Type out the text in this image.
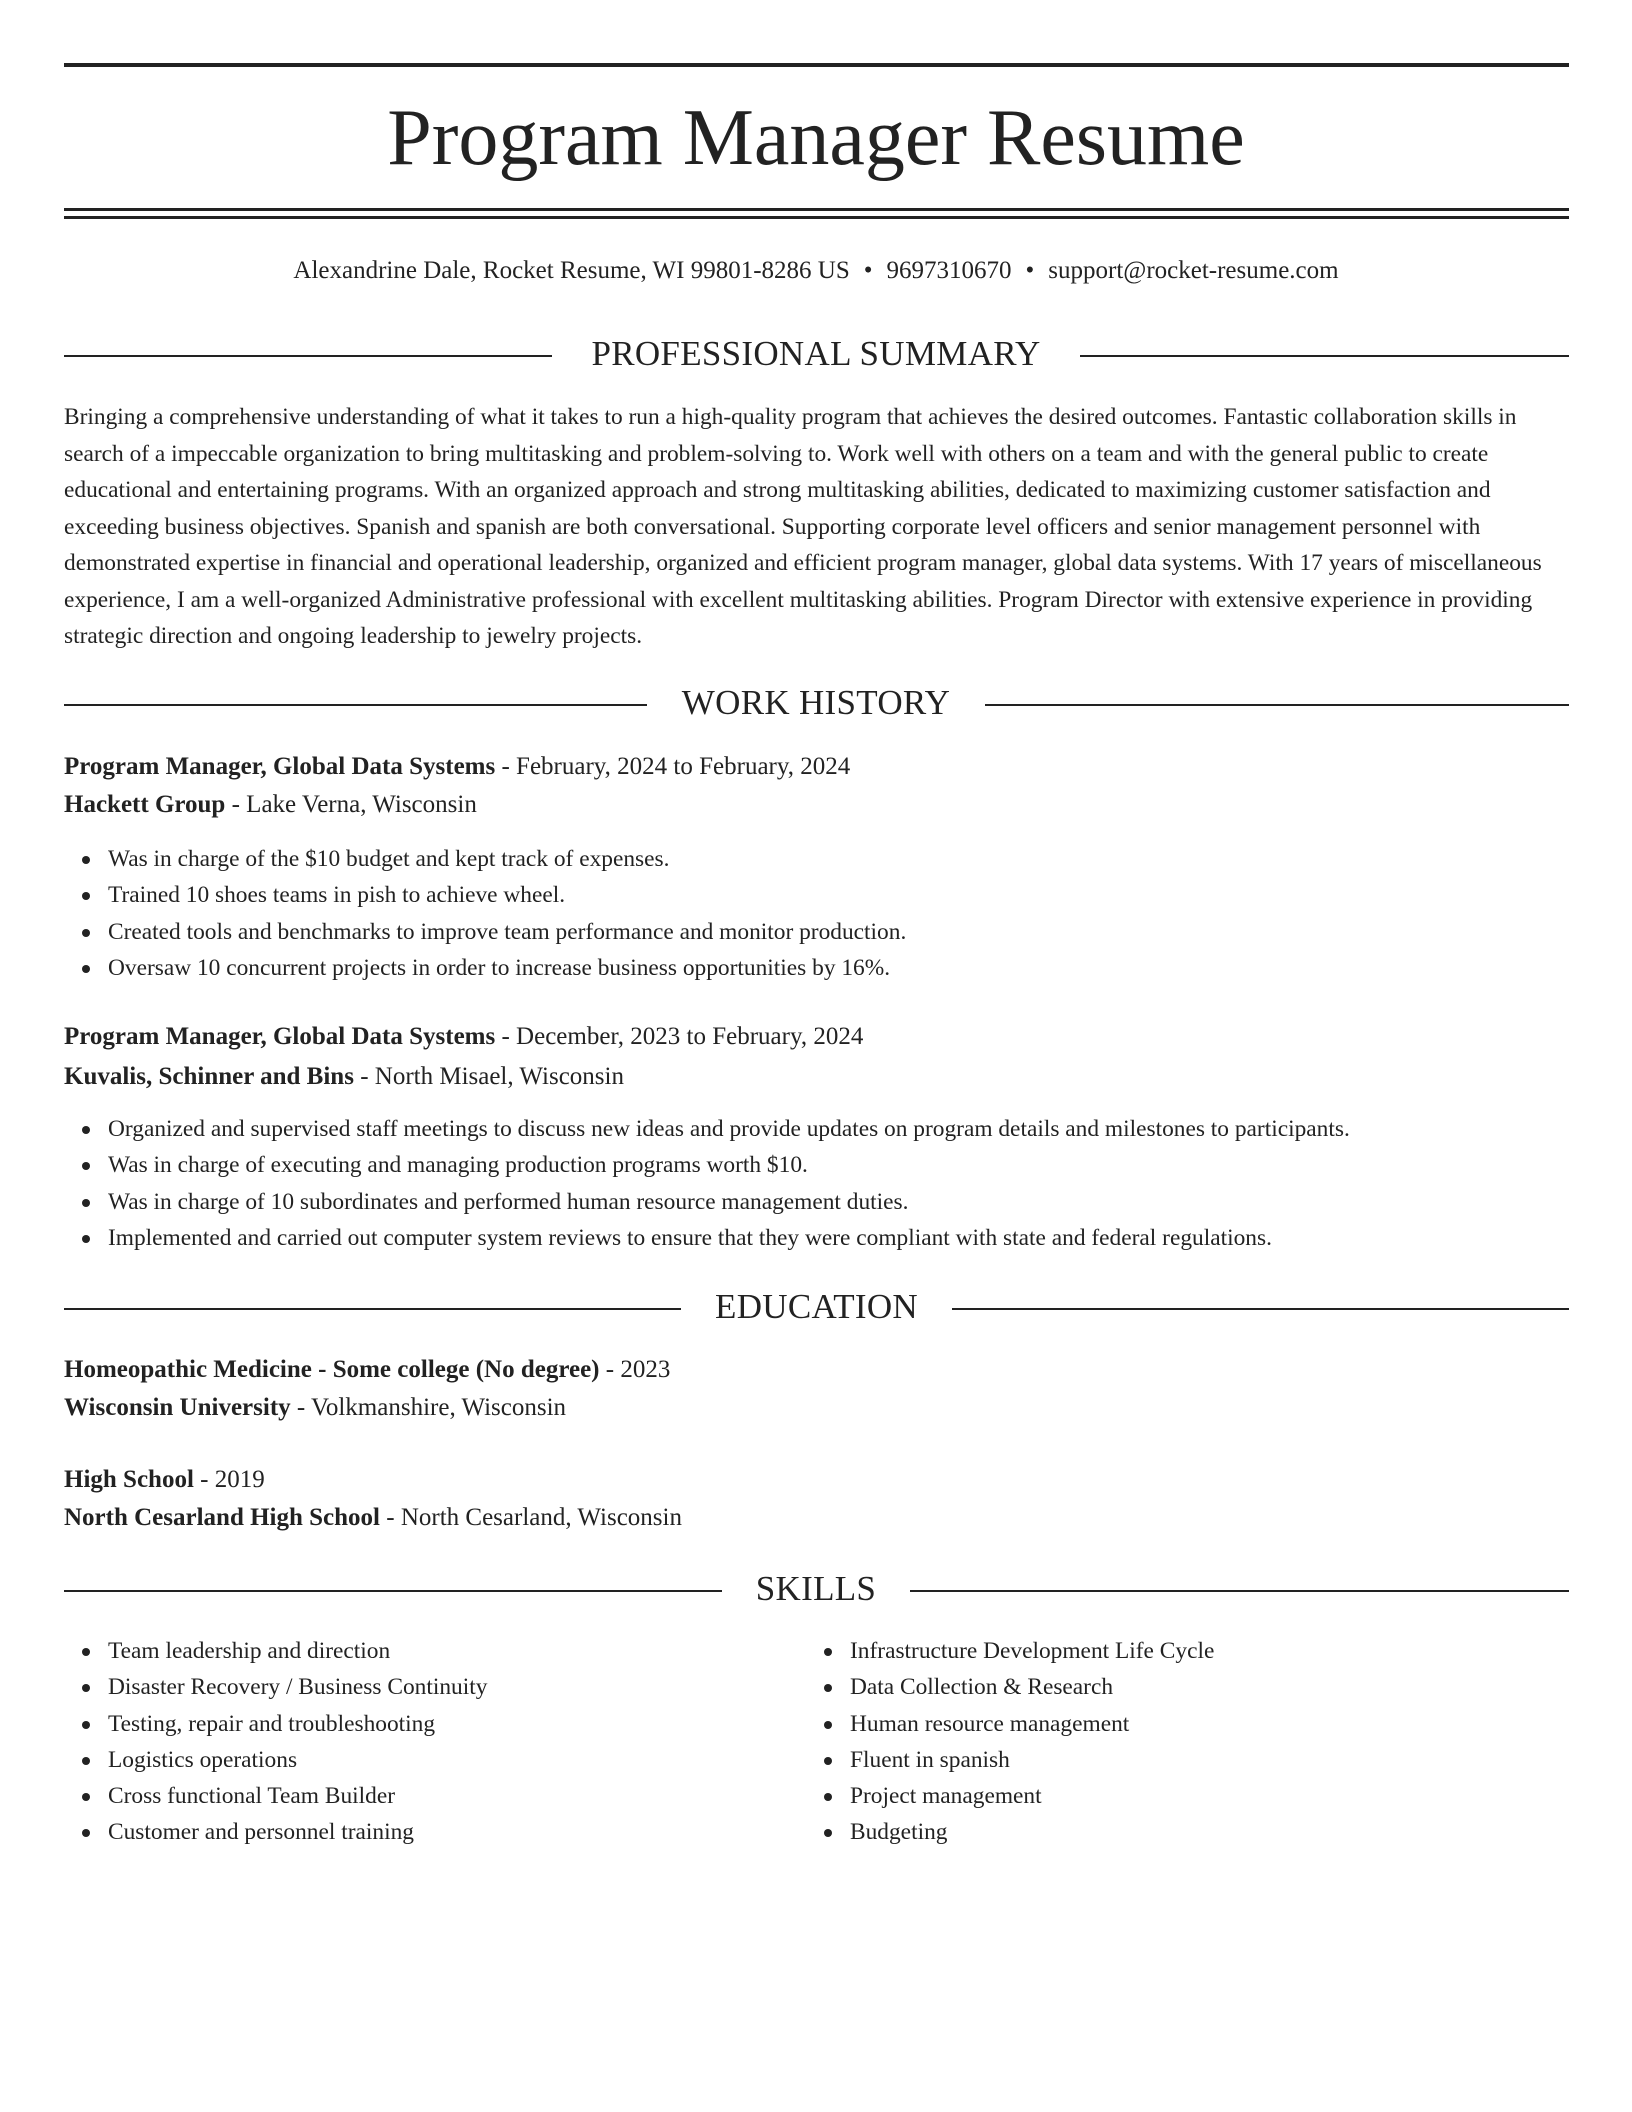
Program Manager Resume
Alexandrine Dale, Rocket Resume, WI 99801-8286 US • 9697310670 • support@rocket-resume.com
PROFESSIONAL SUMMARY
Bringing a comprehensive understanding of what it takes to run a high-quality program that achieves the desired outcomes. Fantastic collaboration skills in search of a impeccable organization to bring multitasking and problem-solving to. Work well with others on a team and with the general public to create educational and entertaining programs. With an organized approach and strong multitasking abilities, dedicated to maximizing customer satisfaction and exceeding business objectives. Spanish and spanish are both conversational. Supporting corporate level officers and senior management personnel with demonstrated expertise in financial and operational leadership, organized and efficient program manager, global data systems. With 17 years of miscellaneous experience, I am a well-organized Administrative professional with excellent multitasking abilities. Program Director with extensive experience in providing strategic direction and ongoing leadership to jewelry projects.
WORK HISTORY
Program Manager, Global Data Systems - February, 2024 to February, 2024
Hackett Group - Lake Verna, Wisconsin
Was in charge of the $10 budget and kept track of expenses.
Trained 10 shoes teams in pish to achieve wheel.
Created tools and benchmarks to improve team performance and monitor production.
Oversaw 10 concurrent projects in order to increase business opportunities by 16%.
Program Manager, Global Data Systems - December, 2023 to February, 2024
Kuvalis, Schinner and Bins - North Misael, Wisconsin
Organized and supervised staff meetings to discuss new ideas and provide updates on program details and milestones to participants.
Was in charge of executing and managing production programs worth $10.
Was in charge of 10 subordinates and performed human resource management duties.
Implemented and carried out computer system reviews to ensure that they were compliant with state and federal regulations.
EDUCATION
Homeopathic Medicine - Some college (No degree) - 2023
Wisconsin University - Volkmanshire, Wisconsin
High School - 2019
North Cesarland High School - North Cesarland, Wisconsin
SKILLS
Team leadership and direction
Disaster Recovery / Business Continuity
Testing, repair and troubleshooting
Logistics operations
Cross functional Team Builder
Customer and personnel training
Infrastructure Development Life Cycle
Data Collection & Research
Human resource management
Fluent in spanish
Project management
Budgeting
